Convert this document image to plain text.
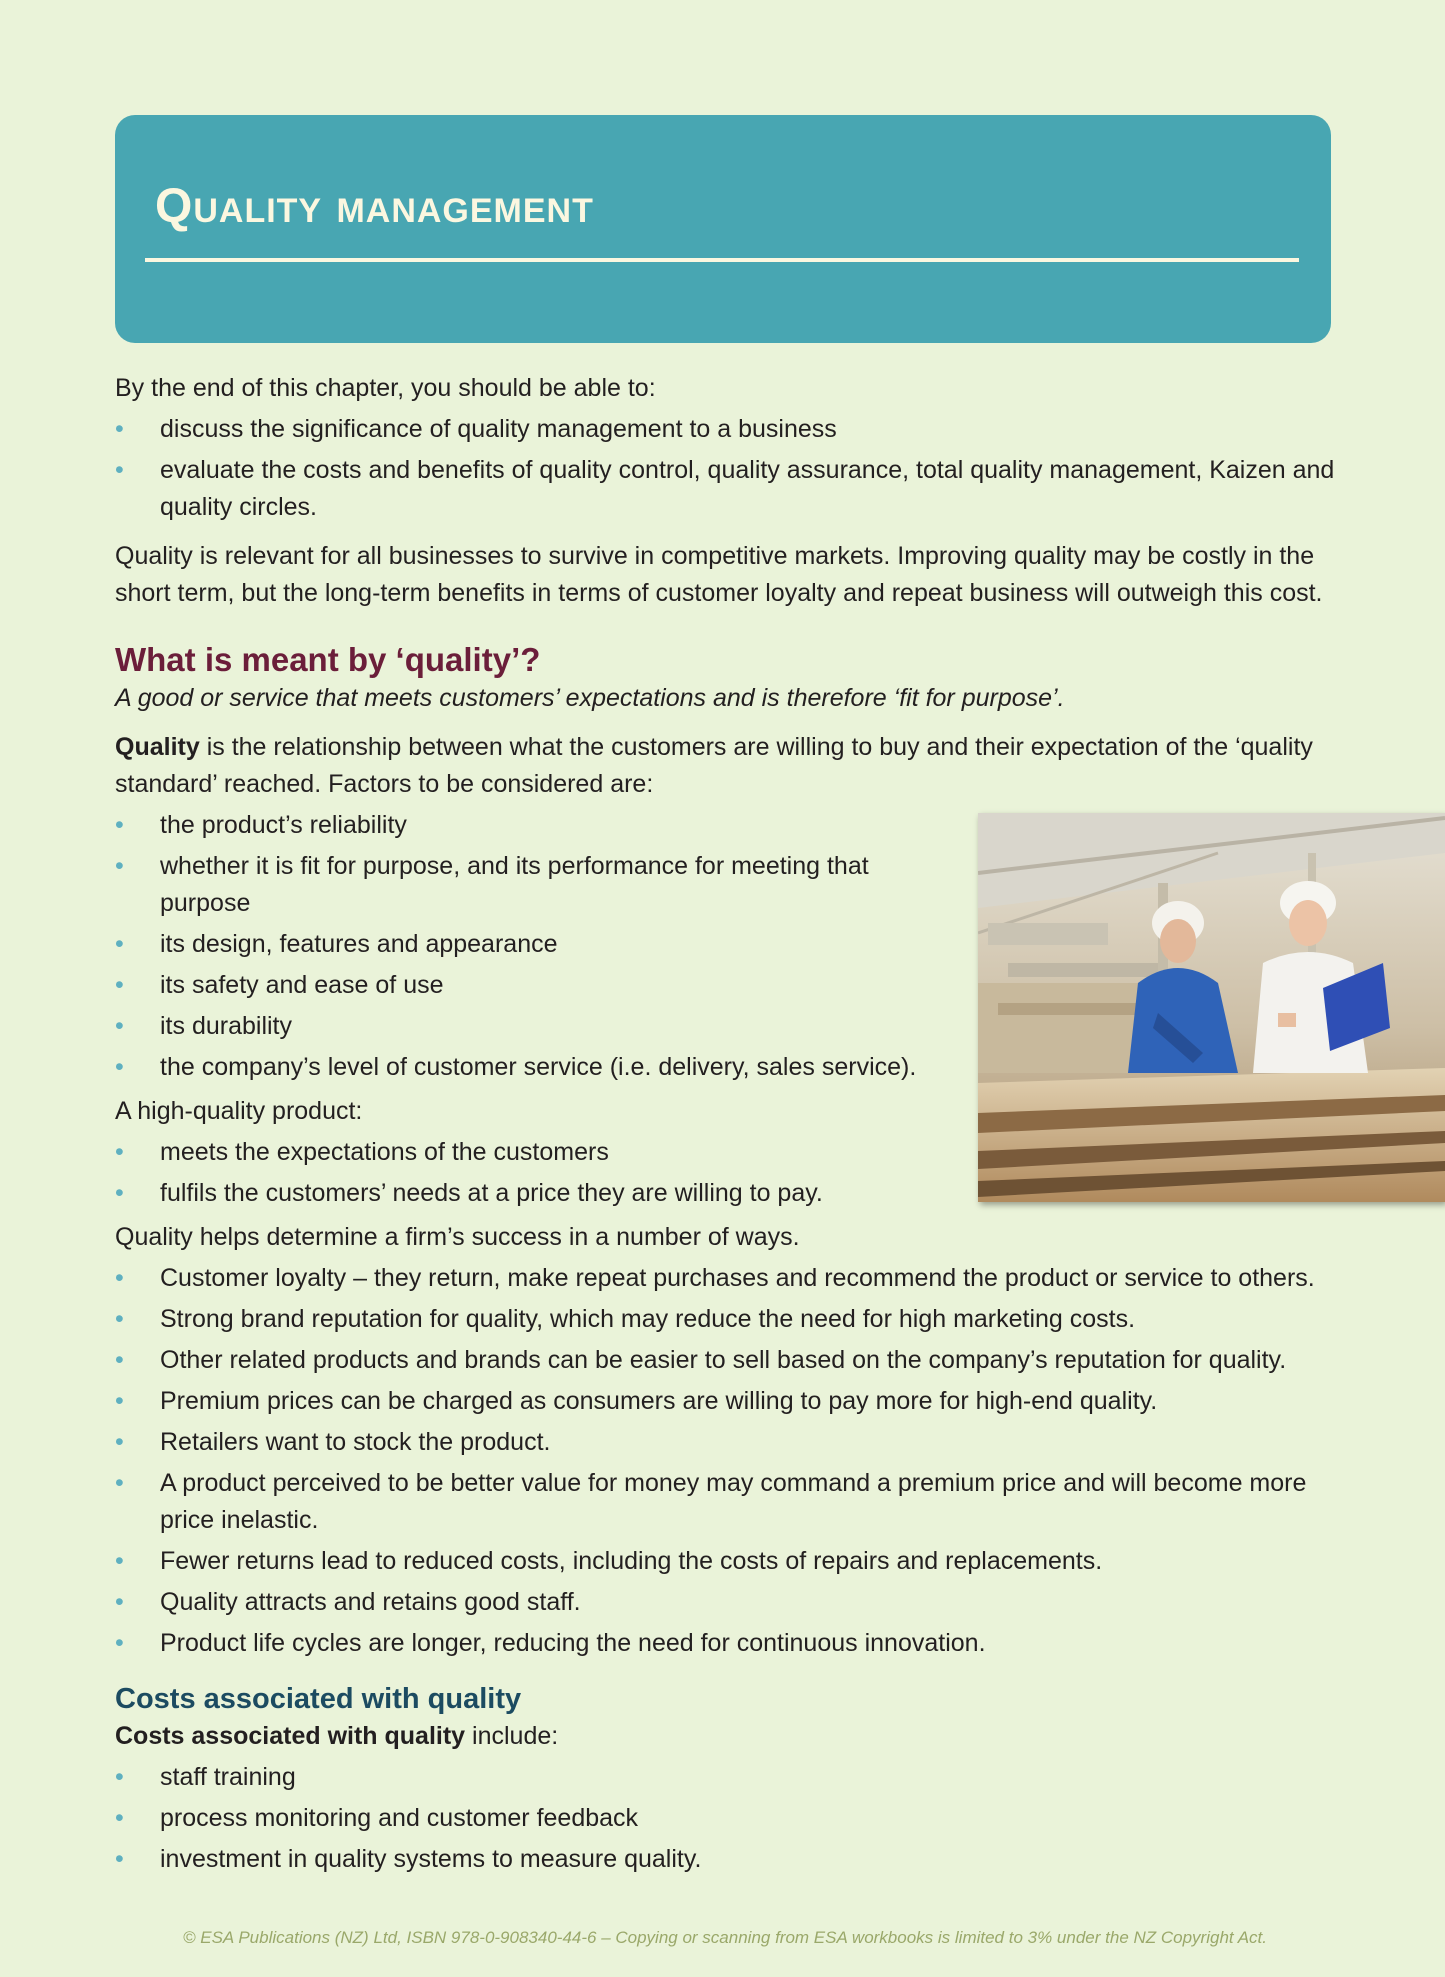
Quality management

By the end of this chapter, you should be able to:

• discuss the significance of quality management to a business
• evaluate the costs and benefits of quality control, quality assurance, total quality management, Kaizen and quality circles.

Quality is relevant for all businesses to survive in competitive markets. Improving quality may be costly in the short term, but the long-term benefits in terms of customer loyalty and repeat business will outweigh this cost.

What is meant by ‘quality’?

A good or service that meets customers’ expectations and is therefore ‘fit for purpose’.

Quality is the relationship between what the customers are willing to buy and their expectation of the ‘quality standard’ reached. Factors to be considered are:

• the product’s reliability
• whether it is fit for purpose, and its performance for meeting that purpose
• its design, features and appearance
• its safety and ease of use
• its durability
• the company’s level of customer service (i.e. delivery, sales service).

A high-quality product:

• meets the expectations of the customers
• fulfils the customers’ needs at a price they are willing to pay.

Quality helps determine a firm’s success in a number of ways.

• Customer loyalty – they return, make repeat purchases and recommend the product or service to others.
• Strong brand reputation for quality, which may reduce the need for high marketing costs.
• Other related products and brands can be easier to sell based on the company’s reputation for quality.
• Premium prices can be charged as consumers are willing to pay more for high-end quality.
• Retailers want to stock the product.
• A product perceived to be better value for money may command a premium price and will become more price inelastic.
• Fewer returns lead to reduced costs, including the costs of repairs and replacements.
• Quality attracts and retains good staff.
• Product life cycles are longer, reducing the need for continuous innovation.
Costs associated with quality

Costs associated with quality include:

• staff training
• process monitoring and customer feedback
• investment in quality systems to measure quality.
© ESA Publications (NZ) Ltd, ISBN 978-0-908340-44-6 – Copying or scanning from ESA workbooks is limited to 3% under the NZ Copyright Act.
